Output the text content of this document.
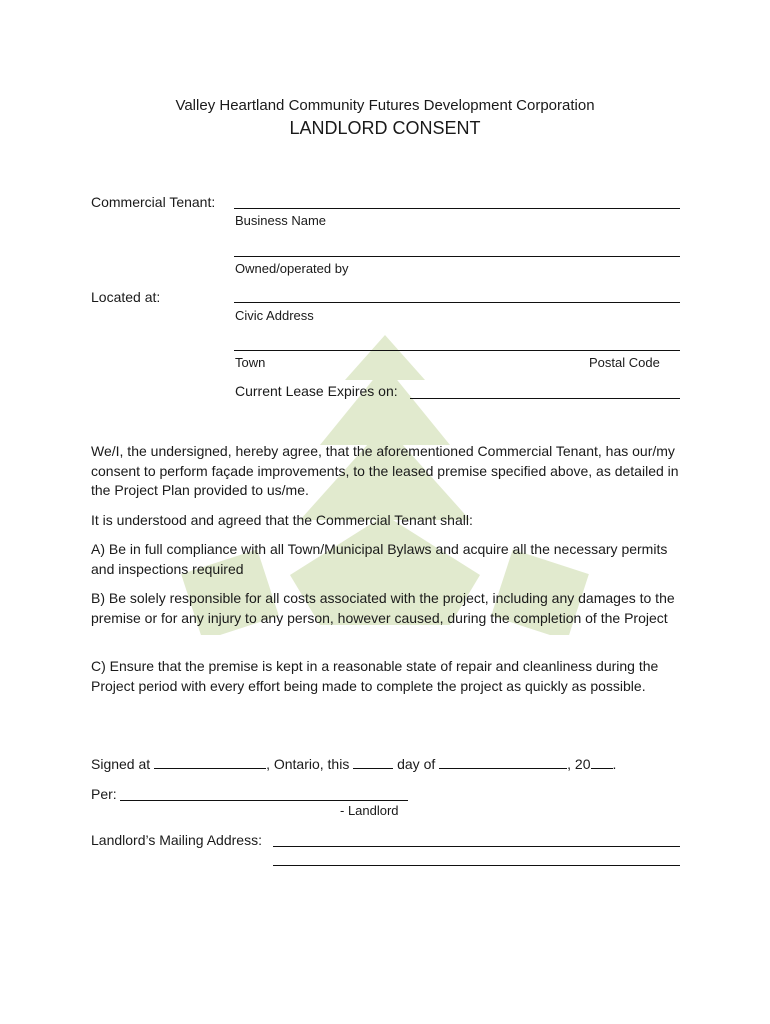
Valley Heartland Community Futures Development Corporation
LANDLORD CONSENT
Commercial Tenant:
Business Name
Owned/operated by
Located at:
Civic Address
Town	Postal Code
Current Lease Expires on:
We/I, the undersigned, hereby agree, that the aforementioned Commercial Tenant, has our/my consent to perform façade improvements, to the leased premise specified above, as detailed in the Project Plan provided to us/me.
It is understood and agreed that the Commercial Tenant shall:
A) Be in full compliance with all Town/Municipal Bylaws and acquire all the necessary permits and inspections required
B) Be solely responsible for all costs associated with the project, including any damages to the premise or for any injury to any person, however caused, during the completion of the Project
C) Ensure that the premise is kept in a reasonable state of repair and cleanliness during the Project period with every effort being made to complete the project as quickly as possible.
Signed at	, Ontario, this	day of	, 20 .
Per:
- Landlord
Landlord’s Mailing Address:
